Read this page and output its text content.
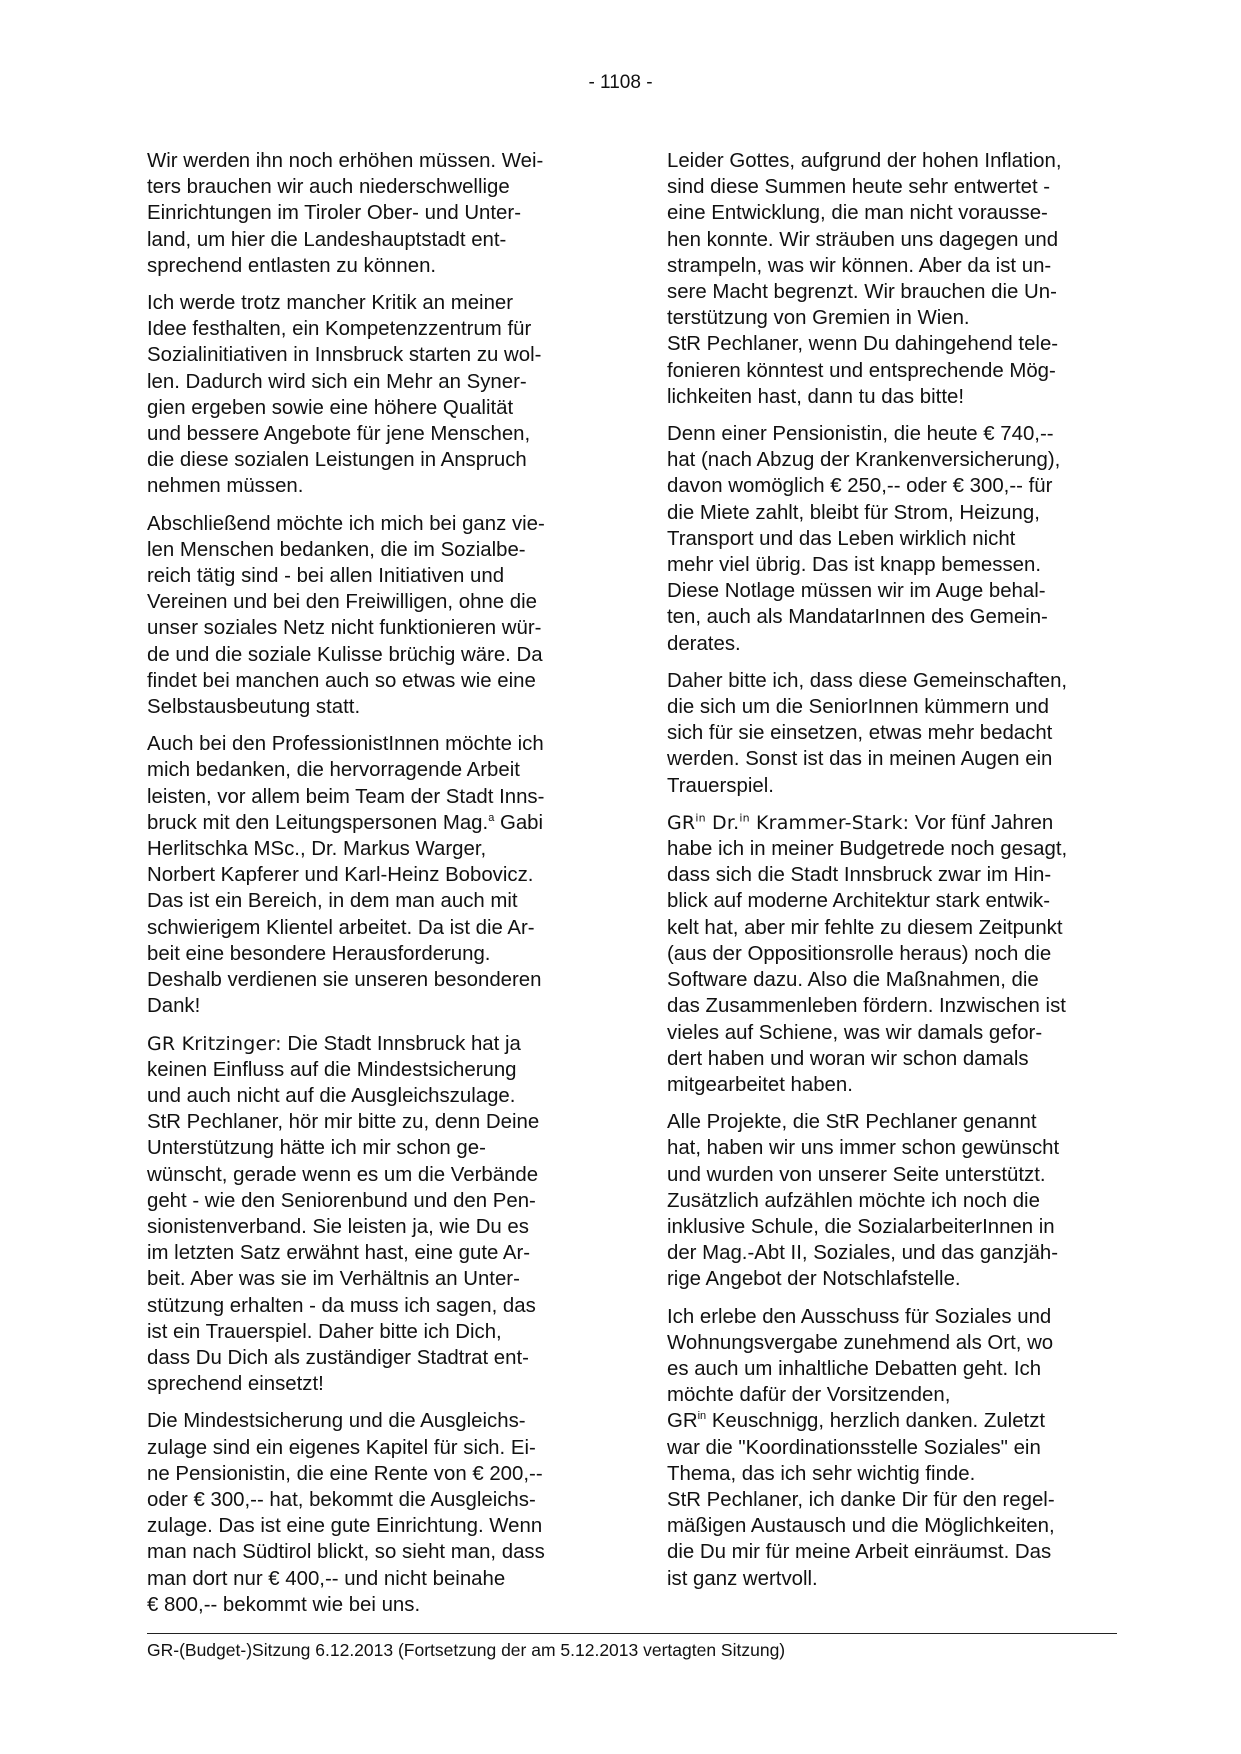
- 1108 -
Wir werden ihn noch erhöhen müssen. Wei-
ters brauchen wir auch niederschwellige
Einrichtungen im Tiroler Ober- und Unter-
land, um hier die Landeshauptstadt ent-
sprechend entlasten zu können.
Ich werde trotz mancher Kritik an meiner
Idee festhalten, ein Kompetenzzentrum für
Sozialinitiativen in Innsbruck starten zu wol-
len. Dadurch wird sich ein Mehr an Syner-
gien ergeben sowie eine höhere Qualität
und bessere Angebote für jene Menschen,
die diese sozialen Leistungen in Anspruch
nehmen müssen.
Abschließend möchte ich mich bei ganz vie-
len Menschen bedanken, die im Sozialbe-
reich tätig sind - bei allen Initiativen und
Vereinen und bei den Freiwilligen, ohne die
unser soziales Netz nicht funktionieren wür-
de und die soziale Kulisse brüchig wäre. Da
findet bei manchen auch so etwas wie eine
Selbstausbeutung statt.
Auch bei den ProfessionistInnen möchte ich
mich bedanken, die hervorragende Arbeit
leisten, vor allem beim Team der Stadt Inns-
bruck mit den Leitungspersonen Mag.$^a$ Gabi
Herlitschka MSc., Dr. Markus Warger,
Norbert Kapferer und Karl-Heinz Bobovicz.
Das ist ein Bereich, in dem man auch mit
schwierigem Klientel arbeitet. Da ist die Ar-
beit eine besondere Herausforderung.
Deshalb verdienen sie unseren besonderen
Dank!
GR Kritzinger: Die Stadt Innsbruck hat ja
keinen Einfluss auf die Mindestsicherung
und auch nicht auf die Ausgleichszulage.
StR Pechlaner, hör mir bitte zu, denn Deine
Unterstützung hätte ich mir schon ge-
wünscht, gerade wenn es um die Verbände
geht - wie den Seniorenbund und den Pen-
sionistenverband. Sie leisten ja, wie Du es
im letzten Satz erwähnt hast, eine gute Ar-
beit. Aber was sie im Verhältnis an Unter-
stützung erhalten - da muss ich sagen, das
ist ein Trauerspiel. Daher bitte ich Dich,
dass Du Dich als zuständiger Stadtrat ent-
sprechend einsetzt!
Die Mindestsicherung und die Ausgleichs-
zulage sind ein eigenes Kapitel für sich. Ei-
ne Pensionistin, die eine Rente von € 200,--
oder € 300,-- hat, bekommt die Ausgleichs-
zulage. Das ist eine gute Einrichtung. Wenn
man nach Südtirol blickt, so sieht man, dass
man dort nur € 400,-- und nicht beinahe
€ 800,-- bekommt wie bei uns.
Leider Gottes, aufgrund der hohen Inflation,
sind diese Summen heute sehr entwertet -
eine Entwicklung, die man nicht vorausse-
hen konnte. Wir sträuben uns dagegen und
strampeln, was wir können. Aber da ist un-
sere Macht begrenzt. Wir brauchen die Un-
terstützung von Gremien in Wien.
StR Pechlaner, wenn Du dahingehend tele-
fonieren könntest und entsprechende Mög-
lichkeiten hast, dann tu das bitte!
Denn einer Pensionistin, die heute € 740,--
hat (nach Abzug der Krankenversicherung),
davon womöglich € 250,-- oder € 300,-- für
die Miete zahlt, bleibt für Strom, Heizung,
Transport und das Leben wirklich nicht
mehr viel übrig. Das ist knapp bemessen.
Diese Notlage müssen wir im Auge behal-
ten, auch als MandatarInnen des Gemein-
derates.
Daher bitte ich, dass diese Gemeinschaften,
die sich um die SeniorInnen kümmern und
sich für sie einsetzen, etwas mehr bedacht
werden. Sonst ist das in meinen Augen ein
Trauerspiel.
$GR^{in}$ Dr.$^{in}$ Krammer-Stark: Vor fünf Jahren
habe ich in meiner Budgetrede noch gesagt,
dass sich die Stadt Innsbruck zwar im Hin-
blick auf moderne Architektur stark entwik-
kelt hat, aber mir fehlte zu diesem Zeitpunkt
(aus der Oppositionsrolle heraus) noch die
Software dazu. Also die Maßnahmen, die
das Zusammenleben fördern. Inzwischen ist
vieles auf Schiene, was wir damals gefor-
dert haben und woran wir schon damals
mitgearbeitet haben.
Alle Projekte, die StR Pechlaner genannt
hat, haben wir uns immer schon gewünscht
und wurden von unserer Seite unterstützt.
Zusätzlich aufzählen möchte ich noch die
inklusive Schule, die SozialarbeiterInnen in
der Mag.-Abt II, Soziales, und das ganzjäh-
rige Angebot der Notschlafstelle.
Ich erlebe den Ausschuss für Soziales und
Wohnungsvergabe zunehmend als Ort, wo
es auch um inhaltliche Debatten geht. Ich
möchte dafür der Vorsitzenden,
$GR^{in}$ Keuschnigg, herzlich danken. Zuletzt
war die "Koordinationsstelle Soziales" ein
Thema, das ich sehr wichtig finde.
StR Pechlaner, ich danke Dir für den regel-
mäßigen Austausch und die Möglichkeiten,
die Du mir für meine Arbeit einräumst. Das
ist ganz wertvoll.
GR-(Budget-)Sitzung 6.12.2013 (Fortsetzung der am 5.12.2013 vertagten Sitzung)
